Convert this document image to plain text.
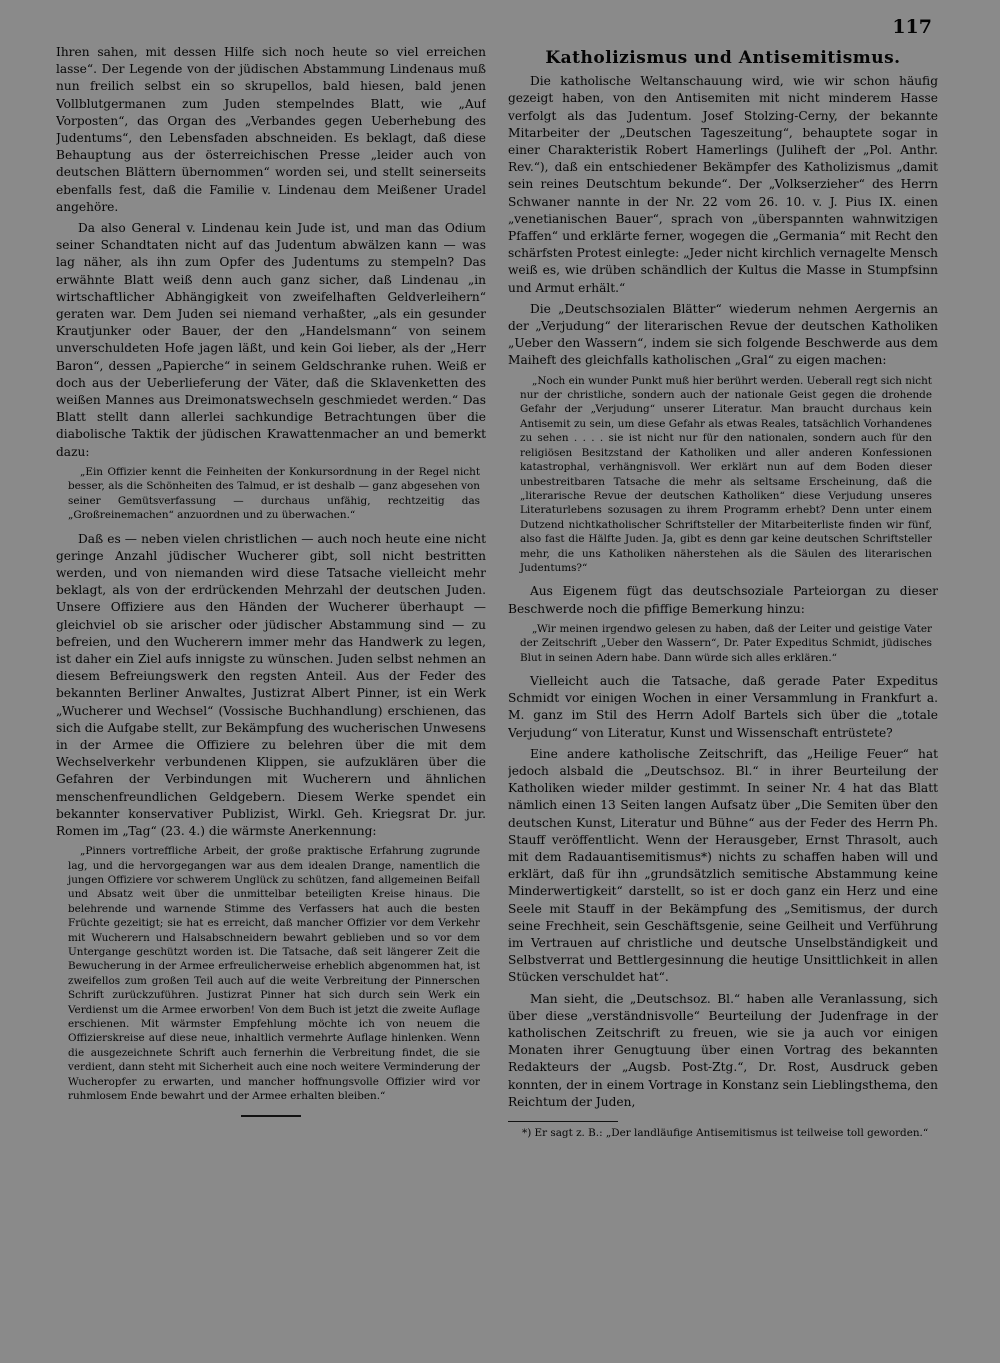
117

Ihren sahen, mit dessen Hilfe sich noch heute so viel erreichen lasse“. Der Legende von der jüdischen Abstammung Lindenaus muß nun freilich selbst ein so skrupellos, bald hiesen, bald jenen Vollblutgermanen zum Juden stempelndes Blatt, wie „Auf Vorposten“, das Organ des „Verbandes gegen Ueberhebung des Judentums“, den Lebensfaden abschneiden. Es beklagt, daß diese Behauptung aus der österreichischen Presse „leider auch von deutschen Blättern übernommen“ worden sei, und stellt seinerseits ebenfalls fest, daß die Familie v. Lindenau dem Meißener Uradel angehöre.

Da also General v. Lindenau kein Jude ist, und man das Odium seiner Schandtaten nicht auf das Judentum abwälzen kann — was lag näher, als ihn zum Opfer des Judentums zu stempeln? Das erwähnte Blatt weiß denn auch ganz sicher, daß Lindenau „in wirtschaftlicher Abhängigkeit von zweifelhaften Geldverleihern“ geraten war. Dem Juden sei niemand verhaßter, „als ein gesunder Krautjunker oder Bauer, der den „Handelsmann“ von seinem unverschuldeten Hofe jagen läßt, und kein Goi lieber, als der „Herr Baron“, dessen „Papierche“ in seinem Geldschranke ruhen. Weiß er doch aus der Ueberlieferung der Väter, daß die Sklavenketten des weißen Mannes aus Dreimonatswechseln geschmiedet werden.“ Das Blatt stellt dann allerlei sachkundige Betrachtungen über die diabolische Taktik der jüdischen Krawattenmacher an und bemerkt dazu:

„Ein Offizier kennt die Feinheiten der Konkursordnung in der Regel nicht besser, als die Schönheiten des Talmud, er ist deshalb — ganz abgesehen von seiner Gemütsverfassung — durchaus unfähig, rechtzeitig das „Großreinemachen“ anzuordnen und zu überwachen.“

Daß es — neben vielen christlichen — auch noch heute eine nicht geringe Anzahl jüdischer Wucherer gibt, soll nicht bestritten werden, und von niemanden wird diese Tatsache vielleicht mehr beklagt, als von der erdrückenden Mehrzahl der deutschen Juden. Unsere Offiziere aus den Händen der Wucherer überhaupt — gleichviel ob sie arischer oder jüdischer Abstammung sind — zu befreien, und den Wucherern immer mehr das Handwerk zu legen, ist daher ein Ziel aufs innigste zu wünschen. Juden selbst nehmen an diesem Befreiungswerk den regsten Anteil. Aus der Feder des bekannten Berliner Anwaltes, Justizrat Albert Pinner, ist ein Werk „Wucherer und Wechsel“ (Vossische Buchhandlung) erschienen, das sich die Aufgabe stellt, zur Bekämpfung des wucherischen Unwesens in der Armee die Offiziere zu belehren über die mit dem Wechselverkehr verbundenen Klippen, sie aufzuklären über die Gefahren der Verbindungen mit Wucherern und ähnlichen menschenfreundlichen Geldgebern. Diesem Werke spendet ein bekannter konservativer Publizist, Wirkl. Geh. Kriegsrat Dr. jur. Romen im „Tag“ (23. 4.) die wärmste Anerkennung:

„Pinners vortreffliche Arbeit, der große praktische Erfahrung zugrunde lag, und die hervorgegangen war aus dem idealen Drange, namentlich die jungen Offiziere vor schwerem Unglück zu schützen, fand allgemeinen Beifall und Absatz weit über die unmittelbar beteiligten Kreise hinaus. Die belehrende und warnende Stimme des Verfassers hat auch die besten Früchte gezeitigt; sie hat es erreicht, daß mancher Offizier vor dem Verkehr mit Wucherern und Halsabschneidern bewahrt geblieben und so vor dem Untergange geschützt worden ist. Die Tatsache, daß seit längerer Zeit die Bewucherung in der Armee erfreulicherweise erheblich abgenommen hat, ist zweifellos zum großen Teil auch auf die weite Verbreitung der Pinnerschen Schrift zurückzuführen. Justizrat Pinner hat sich durch sein Werk ein Verdienst um die Armee erworben! Von dem Buch ist jetzt die zweite Auflage erschienen. Mit wärmster Empfehlung möchte ich von neuem die Offizierskreise auf diese neue, inhaltlich vermehrte Auflage hinlenken. Wenn die ausgezeichnete Schrift auch fernerhin die Verbreitung findet, die sie verdient, dann steht mit Sicherheit auch eine noch weitere Verminderung der Wucheropfer zu erwarten, und mancher hoffnungsvolle Offizier wird vor ruhmlosem Ende bewahrt und der Armee erhalten bleiben.“
Katholizismus und Antisemitismus.

Die katholische Weltanschauung wird, wie wir schon häufig gezeigt haben, von den Antisemiten mit nicht minderem Hasse verfolgt als das Judentum. Josef Stolzing-Cerny, der bekannte Mitarbeiter der „Deutschen Tageszeitung“, behauptete sogar in einer Charakteristik Robert Hamerlings (Juliheft der „Pol. Anthr. Rev.“), daß ein entschiedener Bekämpfer des Katholizismus „damit sein reines Deutschtum bekunde“. Der „Volkserzieher“ des Herrn Schwaner nannte in der Nr. 22 vom 26. 10. v. J. Pius IX. einen „venetianischen Bauer“, sprach von „überspannten wahnwitzigen Pfaffen“ und erklärte ferner, wogegen die „Germania“ mit Recht den schärfsten Protest einlegte: „Jeder nicht kirchlich vernagelte Mensch weiß es, wie drüben schändlich der Kultus die Masse in Stumpfsinn und Armut erhält.“

Die „Deutschsozialen Blätter“ wiederum nehmen Aergernis an der „Verjudung“ der literarischen Revue der deutschen Katholiken „Ueber den Wassern“, indem sie sich folgende Beschwerde aus dem Maiheft des gleichfalls katholischen „Gral“ zu eigen machen:

„Noch ein wunder Punkt muß hier berührt werden. Ueberall regt sich nicht nur der christliche, sondern auch der nationale Geist gegen die drohende Gefahr der „Verjudung“ unserer Literatur. Man braucht durchaus kein Antisemit zu sein, um diese Gefahr als etwas Reales, tatsächlich Vorhandenes zu sehen . . . . sie ist nicht nur für den nationalen, sondern auch für den religiösen Besitzstand der Katholiken und aller anderen Konfessionen katastrophal, verhängnisvoll. Wer erklärt nun auf dem Boden dieser unbestreitbaren Tatsache die mehr als seltsame Erscheinung, daß die „literarische Revue der deutschen Katholiken“ diese Verjudung unseres Literaturlebens sozusagen zu ihrem Programm erhebt? Denn unter einem Dutzend nichtkatholischer Schriftsteller der Mitarbeiterliste finden wir fünf, also fast die Hälfte Juden. Ja, gibt es denn gar keine deutschen Schriftsteller mehr, die uns Katholiken näherstehen als die Säulen des literarischen Judentums?“

Aus Eigenem fügt das deutschsoziale Parteiorgan zu dieser Beschwerde noch die pfiffige Bemerkung hinzu:

„Wir meinen irgendwo gelesen zu haben, daß der Leiter und geistige Vater der Zeitschrift „Ueber den Wassern“, Dr. Pater Expeditus Schmidt, jüdisches Blut in seinen Adern habe. Dann würde sich alles erklären.“

Vielleicht auch die Tatsache, daß gerade Pater Expeditus Schmidt vor einigen Wochen in einer Versammlung in Frankfurt a. M. ganz im Stil des Herrn Adolf Bartels sich über die „totale Verjudung“ von Literatur, Kunst und Wissenschaft entrüstete?

Eine andere katholische Zeitschrift, das „Heilige Feuer“ hat jedoch alsbald die „Deutschsoz. Bl.“ in ihrer Beurteilung der Katholiken wieder milder gestimmt. In seiner Nr. 4 hat das Blatt nämlich einen 13 Seiten langen Aufsatz über „Die Semiten über den deutschen Kunst, Literatur und Bühne“ aus der Feder des Herrn Ph. Stauff veröffentlicht. Wenn der Herausgeber, Ernst Thrasolt, auch mit dem Radauantisemitismus*) nichts zu schaffen haben will und erklärt, daß für ihn „grundsätzlich semitische Abstammung keine Minderwertigkeit“ darstellt, so ist er doch ganz ein Herz und eine Seele mit Stauff in der Bekämpfung des „Semitismus, der durch seine Frechheit, sein Geschäftsgenie, seine Geilheit und Verführung im Vertrauen auf christliche und deutsche Unselbständigkeit und Selbstverrat und Bettlergesinnung die heutige Unsittlichkeit in allen Stücken verschuldet hat“.

Man sieht, die „Deutschsoz. Bl.“ haben alle Veranlassung, sich über diese „verständnisvolle“ Beurteilung der Judenfrage in der katholischen Zeitschrift zu freuen, wie sie ja auch vor einigen Monaten ihrer Genugtuung über einen Vortrag des bekannten Redakteurs der „Augsb. Post-Ztg.“, Dr. Rost, Ausdruck geben konnten, der in einem Vortrage in Konstanz sein Lieblingsthema, den Reichtum der Juden,

*) Er sagt z. B.: „Der landläufige Antisemitismus ist teilweise toll geworden.“
